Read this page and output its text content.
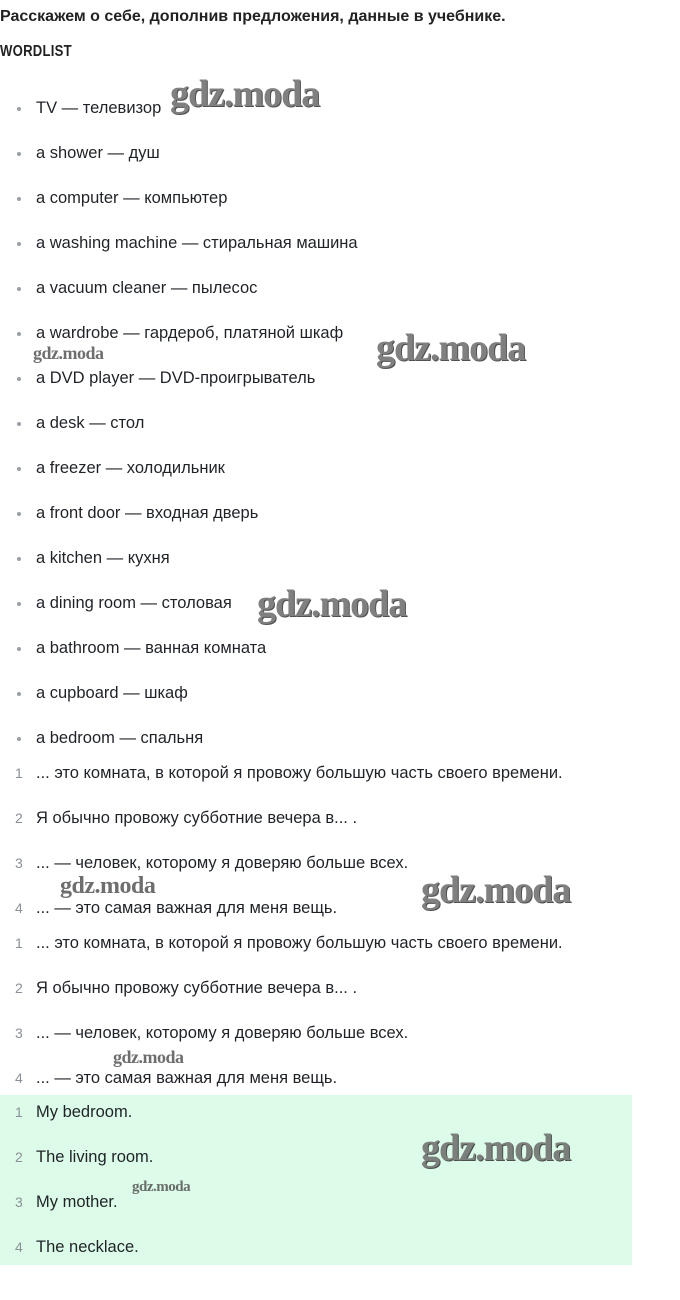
Расскажем о себе, дополнив предложения, данные в учебнике.
WORDLIST
TV — телевизор
a shower — душ
a computer — компьютер
a washing machine — стиральная машина
a vacuum cleaner — пылесос
a wardrobe — гардероб, платяной шкаф
a DVD player — DVD-проигрыватель
a desk — стол
a freezer — холодильник
a front door — входная дверь
a kitchen — кухня
a dining room — столовая
a bathroom — ванная комната
a cupboard — шкаф
a bedroom — спальня
1 ... это комната, в которой я провожу большую часть своего времени.
2 Я обычно провожу субботние вечера в... .
3 ... — человек, которому я доверяю больше всех.
4 ... — это самая важная для меня вещь.
1 ... это комната, в которой я провожу большую часть своего времени.
2 Я обычно провожу субботние вечера в... .
3 ... — человек, которому я доверяю больше всех.
4 ... — это самая важная для меня вещь.
1 My bedroom.
2 The living room.
3 My mother.
4 The necklace.
gdz.moda
gdz.moda	gdz.moda
gdz.moda
gdz.moda	gdz.moda
gdz.moda
gdz.moda
gdz.moda
